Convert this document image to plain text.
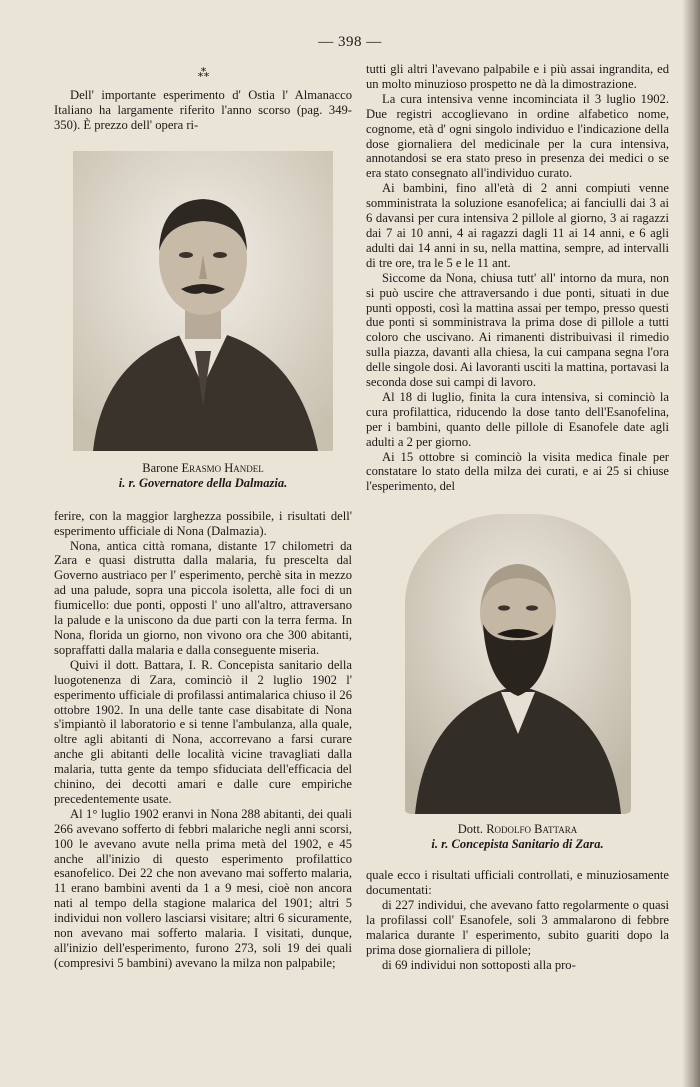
— 398 —
⁂

Dell' importante esperimento d' Ostia l' Almanacco Italiano ha largamente riferito l'anno scorso (pag. 349-350). È prezzo dell' opera ri-

Barone Erasmo Handel
i. r. Governatore della Dalmazia.

ferire, con la maggior larghezza possibile, i risultati dell' esperimento ufficiale di Nona (Dalmazia).

Nona, antica città romana, distante 17 chilometri da Zara e quasi distrutta dalla malaria, fu prescelta dal Governo austriaco per l' esperimento, perchè sita in mezzo ad una palude, sopra una piccola isoletta, alle foci di un fiumicello: due ponti, opposti l' uno all'altro, attraversano la palude e la uniscono da due parti con la terra ferma. In Nona, florida un giorno, non vivono ora che 300 abitanti, sopraffatti dalla malaria e dalla conseguente miseria.

Quivi il dott. Battara, I. R. Concepista sanitario della luogotenenza di Zara, cominciò il 2 luglio 1902 l' esperimento ufficiale di profilassi antimalarica chiuso il 26 ottobre 1902. In una delle tante case disabitate di Nona s'impiantò il laboratorio e si tenne l'ambulanza, alla quale, oltre agli abitanti di Nona, accorrevano a farsi curare anche gli abitanti delle località vicine travagliati dalla malaria, tutta gente da tempo sfiduciata dell'efficacia del chinino, dei decotti amari e dalle cure empiriche precedentemente usate.

Al 1° luglio 1902 eranvi in Nona 288 abitanti, dei quali 266 avevano sofferto di febbri malariche negli anni scorsi, 100 le avevano avute nella prima metà del 1902, e 45 anche all'inizio di questo esperimento profilattico esanofelico. Dei 22 che non avevano mai sofferto malaria, 11 erano bambini aventi da 1 a 9 mesi, cioè non ancora nati al tempo della stagione malarica del 1901; altri 5 individui non vollero lasciarsi visitare; altri 6 sicuramente, non avevano mai sofferto malaria. I visitati, dunque, all'inizio dell'esperimento, furono 273, soli 19 dei quali (compresivi 5 bambini) avevano la milza non palpabile;

tutti gli altri l'avevano palpabile e i più assai ingrandita, ed un molto minuzioso prospetto ne dà la dimostrazione.

La cura intensiva venne incominciata il 3 luglio 1902. Due registri accoglievano in ordine alfabetico nome, cognome, età d' ogni singolo individuo e l'indicazione della dose giornaliera del medicinale per la cura intensiva, annotandosi se era stato preso in presenza dei medici o se era stato consegnato all'individuo curato.

Ai bambini, fino all'età di 2 anni compiuti venne somministrata la soluzione esanofelica; ai fanciulli dai 3 ai 6 davansi per cura intensiva 2 pillole al giorno, 3 ai ragazzi dai 7 ai 10 anni, 4 ai ragazzi dagli 11 ai 14 anni, e 6 agli adulti dai 14 anni in su, nella mattina, sempre, ad intervalli di tre ore, tra le 5 e le 11 ant.

Siccome da Nona, chiusa tutt' all' intorno da mura, non si può uscire che attraversando i due ponti, situati in due punti opposti, così la mattina assai per tempo, presso questi due ponti si somministrava la prima dose di pillole a tutti coloro che uscivano. Ai rimanenti distribuivasi il rimedio sulla piazza, davanti alla chiesa, la cui campana segna l'ora delle singole dosi. Ai lavoranti usciti la mattina, portavasi la seconda dose sui campi di lavoro.

Al 18 di luglio, finita la cura intensiva, si cominciò la cura profilattica, riducendo la dose tanto dell'Esanofelina, per i bambini, quanto delle pillole di Esanofele date agli adulti a 2 per giorno.

Ai 15 ottobre si cominciò la visita medica finale per constatare lo stato della milza dei curati, e ai 25 si chiuse l'esperimento, del

Dott. Rodolfo Battara
i. r. Concepista Sanitario di Zara.

quale ecco i risultati ufficiali controllati, e minuziosamente documentati:

di 227 individui, che avevano fatto regolarmente o quasi la profilassi coll' Esanofele, soli 3 ammalarono di febbre malarica durante l' esperimento, subito guariti dopo la prima dose giornaliera di pillole;

di 69 individui non sottoposti alla pro-
